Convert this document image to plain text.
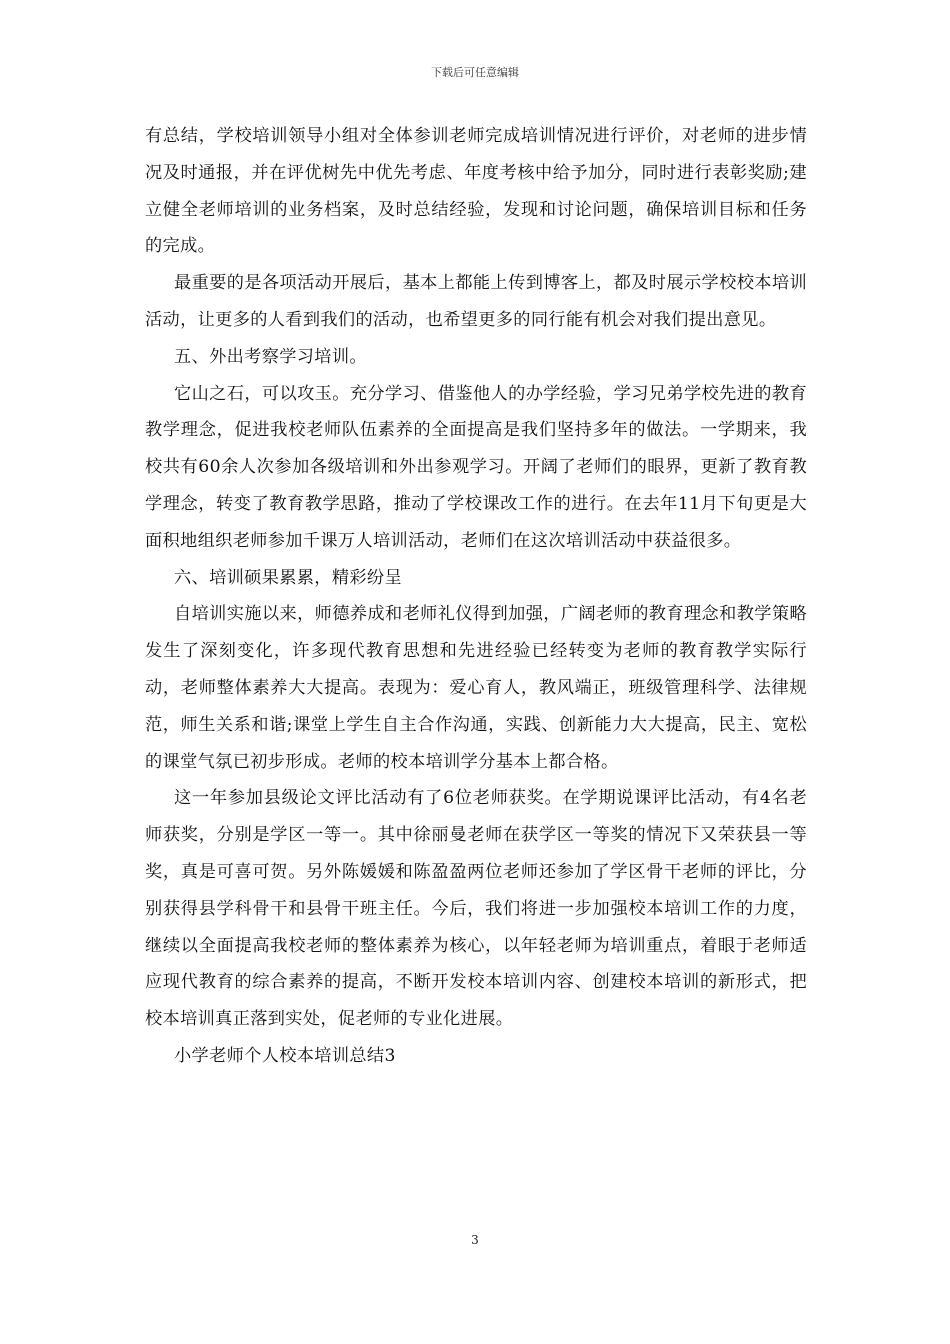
下载后可任意编辑

有总结，学校培训领导小组对全体参训老师完成培训情况进行评价，对老师的进步情况及时通报，并在评优树先中优先考虑、年度考核中给予加分，同时进行表彰奖励;建立健全老师培训的业务档案，及时总结经验，发现和讨论问题，确保培训目标和任务的完成。

最重要的是各项活动开展后，基本上都能上传到博客上，都及时展示学校校本培训活动，让更多的人看到我们的活动，也希望更多的同行能有机会对我们提出意见。

五、外出考察学习培训。

它山之石，可以攻玉。充分学习、借鉴他人的办学经验，学习兄弟学校先进的教育教学理念，促进我校老师队伍素养的全面提高是我们坚持多年的做法。一学期来，我校共有60余人次参加各级培训和外出参观学习。开阔了老师们的眼界，更新了教育教学理念，转变了教育教学思路，推动了学校课改工作的进行。在去年11月下旬更是大面积地组织老师参加千课万人培训活动，老师们在这次培训活动中获益很多。

六、培训硕果累累，精彩纷呈

自培训实施以来，师德养成和老师礼仪得到加强，广阔老师的教育理念和教学策略发生了深刻变化，许多现代教育思想和先进经验已经转变为老师的教育教学实际行动，老师整体素养大大提高。表现为：爱心育人，教风端正，班级管理科学、法律规范，师生关系和谐;课堂上学生自主合作沟通，实践、创新能力大大提高，民主、宽松的课堂气氛已初步形成。老师的校本培训学分基本上都合格。

这一年参加县级论文评比活动有了6位老师获奖。在学期说课评比活动，有4名老师获奖，分别是学区一等一。其中徐丽曼老师在获学区一等奖的情况下又荣获县一等奖，真是可喜可贺。另外陈媛媛和陈盈盈两位老师还参加了学区骨干老师的评比，分别获得县学科骨干和县骨干班主任。今后，我们将进一步加强校本培训工作的力度，继续以全面提高我校老师的整体素养为核心，以年轻老师为培训重点，着眼于老师适应现代教育的综合素养的提高，不断开发校本培训内容、创建校本培训的新形式，把校本培训真正落到实处，促老师的专业化进展。

小学老师个人校本培训总结3

3
